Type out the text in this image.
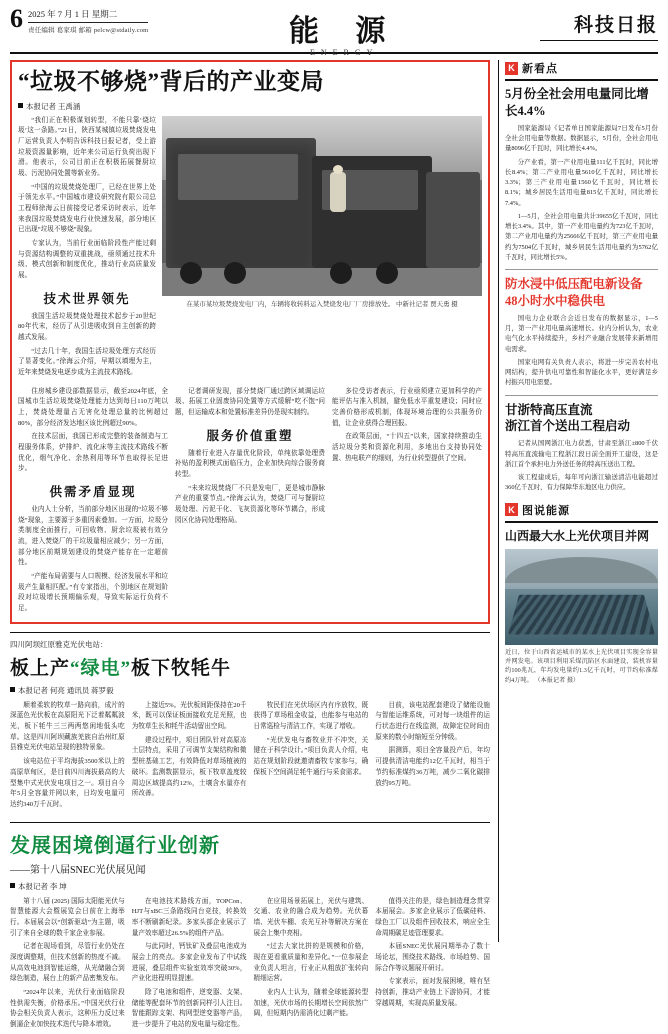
6 2025 年 7 月 1 日 星期二
责任编辑 葛家琪 邮箱 pelcw@stdaily.com	能 源
ENERGY
科技日报
“垃圾不够烧”背后的产业变局
本报记者 王禹涵

“我们正在积极谋划转型，不能只靠‘烧垃圾’这一条路。”21日，陕西某城镇垃圾焚烧发电厂运营负责人李明告诉科技日报记者，受上游垃圾资源量影响，近年来公司运行负荷出现下滑。他表示，公司目前正在积极拓展餐厨垃圾、污泥协同处置等新业务。

“中国的垃圾焚烧处理厂，已经在世界上处于领先水平。”中国城市建设研究院有限公司总工程师徐海云日前接受记者采访时表示，近年来我国垃圾焚烧发电行业快速发展，部分地区已出现“垃圾不够烧”现象。

专家认为，当前行业面临阶段性产能过剩与资源结构调整的双重挑战，亟须通过技术升级、模式创新和制度优化，推动行业高质量发展。

技术世界领先

我国生活垃圾焚烧处理技术起步于20世纪80年代末，经历了从引进吸收到自主创新的跨越式发展。

“过去几十年，我国生活垃圾处理方式经历了显著变化。”徐海云介绍，早期以填埋为主，近年来焚烧发电逐步成为主流技术路线。

在某市某垃圾焚烧发电厂内，车辆将收转料运入焚烧发电厂厂房排放处。 中新社记者 贾天勇 摄

住房城乡建设部数据显示，截至2024年底，全国城市生活垃圾焚烧处理能力达到每日110万吨以上，焚烧处理量占无害化处理总量的比例超过80%，部分经济发达地区该比例超过90%。

在技术层面，我国已形成完整的装备制造与工程服务体系，炉排炉、流化床等主流技术路线不断优化，烟气净化、余热利用等环节也取得长足进步。

供需矛盾显现

业内人士分析，当前部分地区出现的“垃圾不够烧”现象，主要源于多重因素叠加。一方面，垃圾分类制度全面推行，可回收物、厨余垃圾被有效分流，进入焚烧厂的干垃圾量相应减少；另一方面，部分地区前期规划建设的焚烧产能存在一定超前性。

“产能布局需要与人口规模、经济发展水平和垃圾产生量相匹配。”有专家指出，个别地区在规划阶段对垃圾增长预期偏乐观，导致实际运行负荷不足。

记者调研发现，部分焚烧厂通过跨区域调运垃圾、拓展工业固废协同处置等方式缓解“吃不饱”问题，但运输成本和处置标准差异仍是现实制约。

服务价值重塑

随着行业进入存量优化阶段，单纯依靠处理费补贴的盈利模式面临压力，企业加快向综合服务商转型。

“未来垃圾焚烧厂不只是发电厂，更是城市静脉产业的重要节点。”徐海云认为，焚烧厂可与餐厨垃圾处理、污泥干化、飞灰资源化等环节耦合，形成园区化协同处理格局。

多位受访者表示，行业亟须建立更加科学的产能评估与准入机制，避免低水平重复建设；同时应完善价格形成机制，体现环境治理的公共服务价值，让企业获得合理回报。

在政策层面，“十四五”以来，国家持续推动生活垃圾分类和资源化利用，多地出台支持协同处置、热电联产的细则，为行业转型提供了空间。

四川阿坝红原雅克光伏电站：
板上产“绿电”板下牧牦牛
本报记者 何亮 通讯员 蒋罗毅

顺着柔软的牧草一路向前，成片的深蓝色光伏板在高原阳光下泛着粼粼波光，板下牦牛三三两两悠闲地低头吃草。这是四川阿坝藏族羌族自治州红原县雅克光伏电站呈现的独特景象。

该电站位于平均海拔3500米以上的高原草甸区，是目前四川海拔最高的大型集中式光伏发电项目之一。项目自今年5月全容量并网以来，日均发电量可达约340万千瓦时。

上接近5%。光伏板间距保持在20千米，既可以保证板面接收充足光照，也为牧草生长和牦牛活动留出空间。

建设过程中，项目团队针对高原冻土层特点，采用了可调节支架结构和微型桩基础工艺，有效降低对草场植被的破坏。监测数据显示，板下牧草盖度较周边区域提高约12%，土壤含水量亦有所改善。

牧民们在光伏场区内有序放牧，既获得了草场租金收益，也能参与电站的日常巡检与清洁工作，实现了增收。

“光伏发电与畜牧业并不冲突，关键在于科学设计。”项目负责人介绍，电站在规划阶段就邀请畜牧专家参与，确保板下空间满足牦牛通行与采食需求。

目前，该电站配套建设了储能设施与智能运维系统，可对每一块组件的运行状态进行在线监测，故障定位时间由原来的数小时缩短至分钟级。

据测算，项目全容量投产后，年均可提供清洁电能约12亿千瓦时，相当于节约标准煤约36万吨，减少二氧化碳排放约95万吨。

发展困境倒逼行业创新
——第十八届SNEC光伏展见闻
本报记者 李 坤

第十八届 (2025) 国际太阳能光伏与智慧能源大会暨展览会日前在上海举行。本届展会以“创新驱动”为主题，吸引了来自全球的数千家企业参展。

记者在现场看到，尽管行业仍处在深度调整期，但技术创新的热度不减。从高效电池到智能运维，从光储融合到绿色制造，展台上的新产品密集发布。

“2024年以来，光伏行业面临阶段性供需失衡，价格承压。”中国光伏行业协会相关负责人表示，这种压力反过来倒逼企业加快技术迭代与降本增效。

在电池技术路线方面，TOPCon、HJT与xBC三条路线同台竞技，转换效率不断刷新纪录。多家头部企业展示了量产效率超过26.5%的组件产品。

与此同时，钙钛矿及叠层电池成为展会上的亮点。多家企业发布了中试线进展，叠层组件实验室效率突破30%，产业化进程明显提速。

除了电池和组件，逆变器、支架、储能等配套环节的创新同样引人注目。智能跟踪支架、构网型逆变器等产品，进一步提升了电站的发电量与稳定性。

在应用场景拓展上，光伏与建筑、交通、农业的融合成为趋势。光伏幕墙、光伏车棚、农光互补等解决方案在展会上集中亮相。

“过去大家比拼的是规模和价格，现在更看重质量和差异化。”一位参展企业负责人坦言，行业正从粗放扩张转向精细运营。

业内人士认为，随着全球能源转型加速，光伏市场的长期增长空间依然广阔，但短期内仍需消化过剩产能。

值得关注的是，绿色制造理念贯穿本届展会。多家企业展示了低碳硅料、绿色工厂以及组件回收技术，响应全生命周期碳足迹管理要求。

本届SNEC光伏展同期举办了数十场论坛，围绕技术路线、市场趋势、国际合作等议题展开研讨。

专家表示，面对发展困境，唯有坚持创新，推动产业链上下游协同，才能穿越周期，实现高质量发展。

K 新看点
5月份全社会用电量同比增长4.4%

国家能源局《记者单日国家能源局7日发布5月份全社会用电量等数据。数据显示，5月份，全社会用电量8096亿千瓦时，同比增长4.4%。

分产业看，第一产业用电量111亿千瓦时，同比增长8.4%；第二产业用电量5610亿千瓦时，同比增长3.3%；第三产业用电量1560亿千瓦时，同比增长8.1%；城乡居民生活用电量815亿千瓦时，同比增长7.4%。

1—5月，全社会用电量共计39655亿千瓦时，同比增长3.4%。其中，第一产业用电量约为723亿千瓦时，第二产业用电量约为25666亿千瓦时，第三产业用电量约为7504亿千瓦时，城乡居民生活用电量约为5762亿千瓦时，同比增长5%。

防水浸中低压配电新设备
48小时水中稳供电

国电力企业联合会近日发布的数据显示，1—5月，第一产业用电量高速增长。业内分析认为，农业电气化水平持续提升，乡村产业融合发展带来新增用电需求。

国家电网有关负责人表示，将进一步完善农村电网结构，提升供电可靠性和智能化水平，更好满足乡村振兴用电需要。

甘浙特高压直流
浙江首个送出工程启动

记者从国网浙江电力获悉，甘肃至浙江±800千伏特高压直流输电工程浙江段日前全面开工建设，这是浙江首个承担电力外送任务的特高压送出工程。

该工程建成后，每年可向浙江输送清洁电能超过360亿千瓦时，有力保障华东地区电力供应。

K 图说能源
山西最大水上光伏项目并网
近日，位于山西省运城市的某水上光伏项目实现全容量并网发电。该项目利用采煤沉陷区水面建设，装机容量约100兆瓦，年均发电量约1.3亿千瓦时，可节约标准煤约4万吨。 （本报记者 摄）
